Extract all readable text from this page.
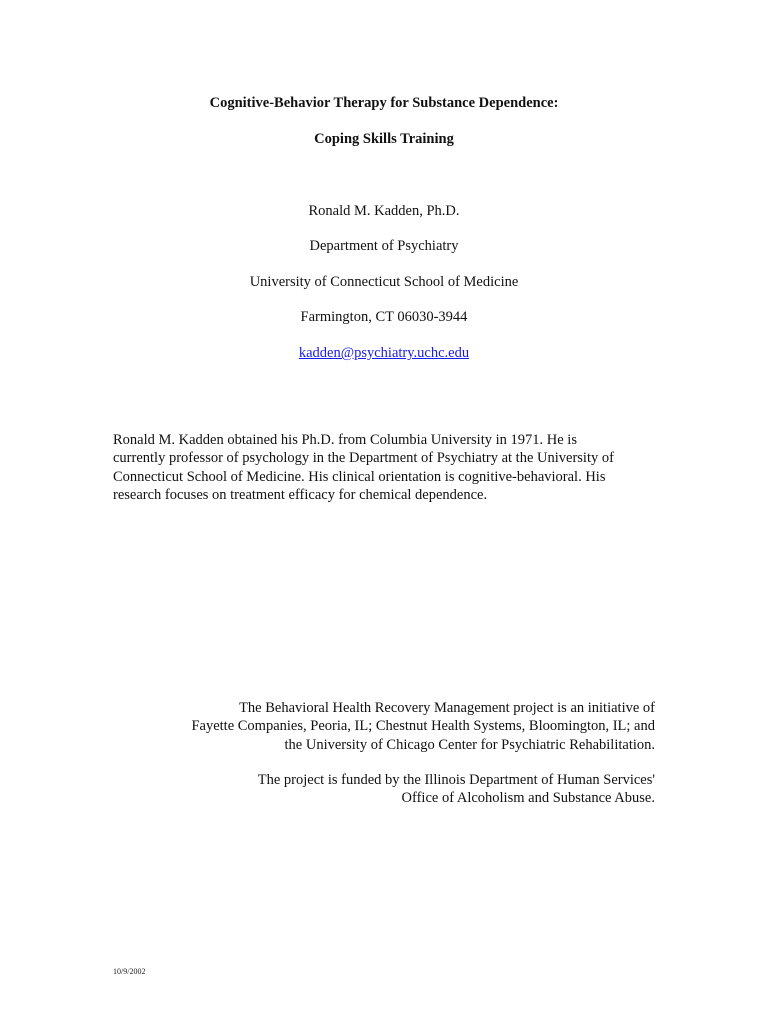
Cognitive-Behavior Therapy for Substance Dependence:
Coping Skills Training
Ronald M. Kadden, Ph.D.
Department of Psychiatry
University of Connecticut School of Medicine
Farmington, CT 06030-3944
kadden@psychiatry.uchc.edu

Ronald M. Kadden obtained his Ph.D. from Columbia University in 1971. He is
currently professor of psychology in the Department of Psychiatry at the University of
Connecticut School of Medicine. His clinical orientation is cognitive-behavioral. His
research focuses on treatment efficacy for chemical dependence.

The Behavioral Health Recovery Management project is an initiative of
Fayette Companies, Peoria, IL; Chestnut Health Systems, Bloomington, IL; and
the University of Chicago Center for Psychiatric Rehabilitation.

The project is funded by the Illinois Department of Human Services'
Office of Alcoholism and Substance Abuse.

10/9/2002
